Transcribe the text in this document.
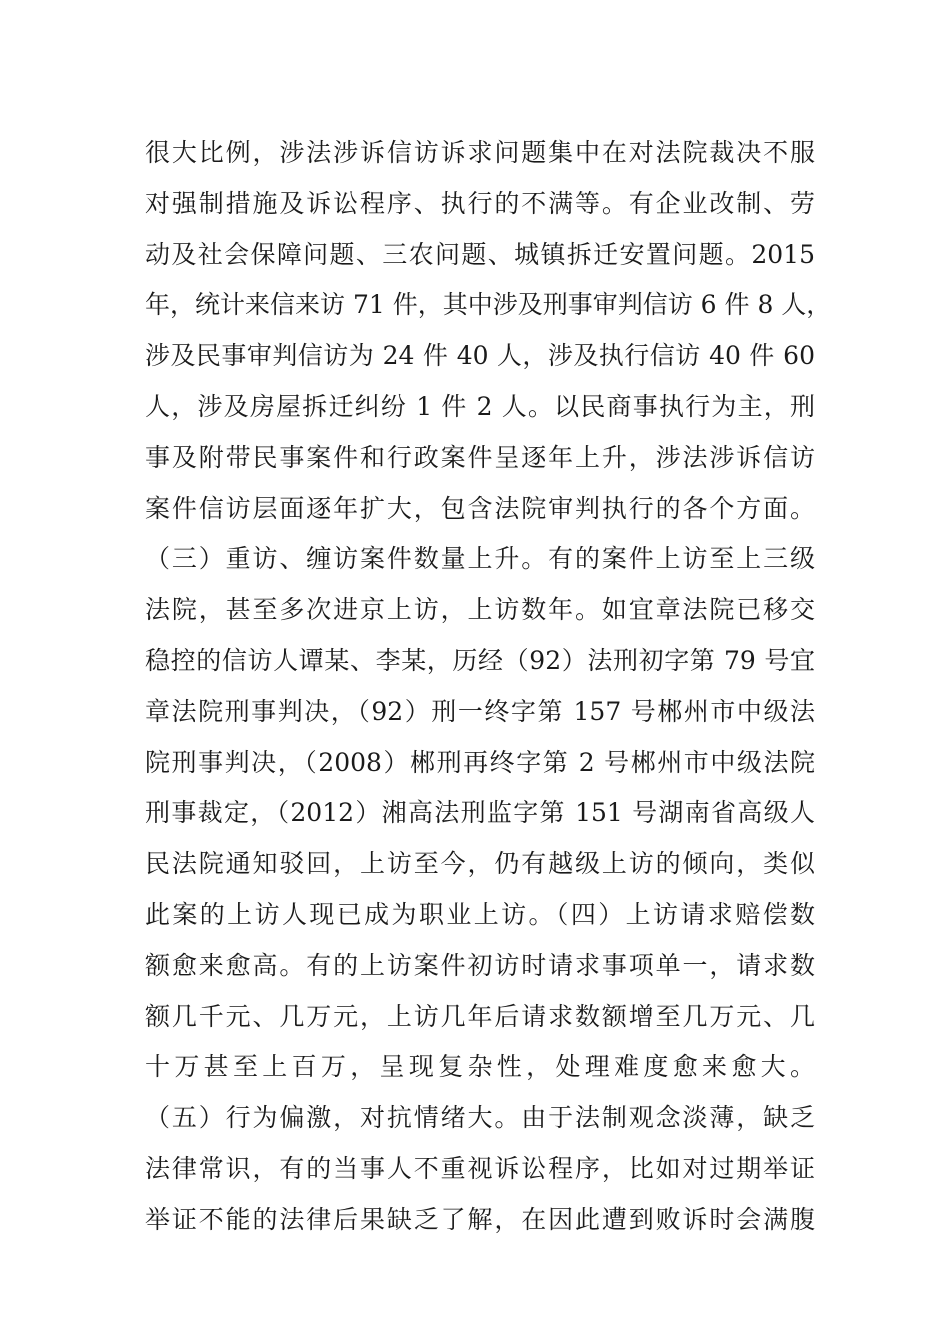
很大比例，涉法涉诉信访诉求问题集中在对法院裁决不服
对强制措施及诉讼程序、执行的不满等。有企业改制、劳
动及社会保障问题、三农问题、城镇拆迁安置问题。2015
年，统计来信来访 71 件，其中涉及刑事审判信访 6 件 8 人，
涉及民事审判信访为 24 件 40 人，涉及执行信访 40 件 60
人，涉及房屋拆迁纠纷 1 件 2 人。以民商事执行为主，刑
事及附带民事案件和行政案件呈逐年上升，涉法涉诉信访
案件信访层面逐年扩大，包含法院审判执行的各个方面。
（三）重访、缠访案件数量上升。有的案件上访至上三级
法院，甚至多次进京上访，上访数年。如宜章法院已移交
稳控的信访人谭某、李某，历经（92）法刑初字第 79 号宜
章法院刑事判决，（92）刑一终字第 157 号郴州市中级法
院刑事判决，（2008）郴刑再终字第 2 号郴州市中级法院
刑事裁定，（2012）湘高法刑监字第 151 号湖南省高级人
民法院通知驳回，上访至今，仍有越级上访的倾向，类似
此案的上访人现已成为职业上访。（四）上访请求赔偿数
额愈来愈高。有的上访案件初访时请求事项单一，请求数
额几千元、几万元，上访几年后请求数额增至几万元、几
十万甚至上百万，呈现复杂性，处理难度愈来愈大。
（五）行为偏激，对抗情绪大。由于法制观念淡薄，缺乏
法律常识，有的当事人不重视诉讼程序，比如对过期举证
举证不能的法律后果缺乏了解，在因此遭到败诉时会满腹
